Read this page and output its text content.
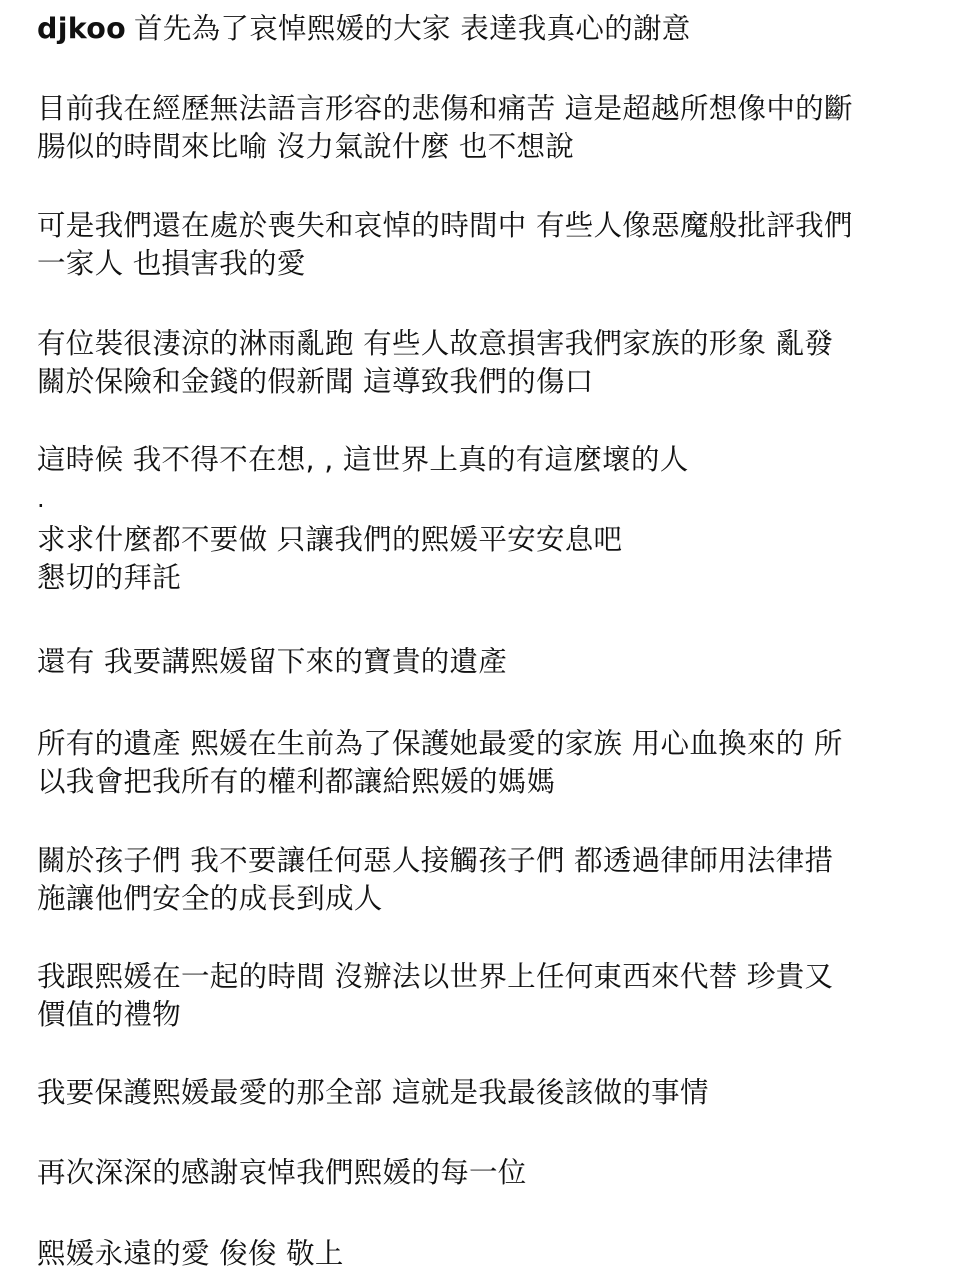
djkoo 首先為了哀悼熙媛的大家 表達我真心的謝意
目前我在經歷無法語言形容的悲傷和痛苦 這是超越所想像中的斷
腸似的時間來比喻 沒力氣說什麼 也不想說
可是我們還在處於喪失和哀悼的時間中 有些人像惡魔般批評我們
一家人 也損害我的愛
有位裝很淒涼的淋雨亂跑 有些人故意損害我們家族的形象 亂發
關於保險和金錢的假新聞 這導致我們的傷口
這時候 我不得不在想, , 這世界上真的有這麼壞的人
.
求求什麼都不要做 只讓我們的熙媛平安安息吧
懇切的拜託
還有 我要講熙媛留下來的寶貴的遺產
所有的遺產 熙媛在生前為了保護她最愛的家族 用心血換來的 所
以我會把我所有的權利都讓給熙媛的媽媽
關於孩子們 我不要讓任何惡人接觸孩子們 都透過律師用法律措
施讓他們安全的成長到成人
我跟熙媛在一起的時間 沒辦法以世界上任何東西來代替 珍貴又
價值的禮物
我要保護熙媛最愛的那全部 這就是我最後該做的事情
再次深深的感謝哀悼我們熙媛的每一位
熙媛永遠的愛 俊俊 敬上
